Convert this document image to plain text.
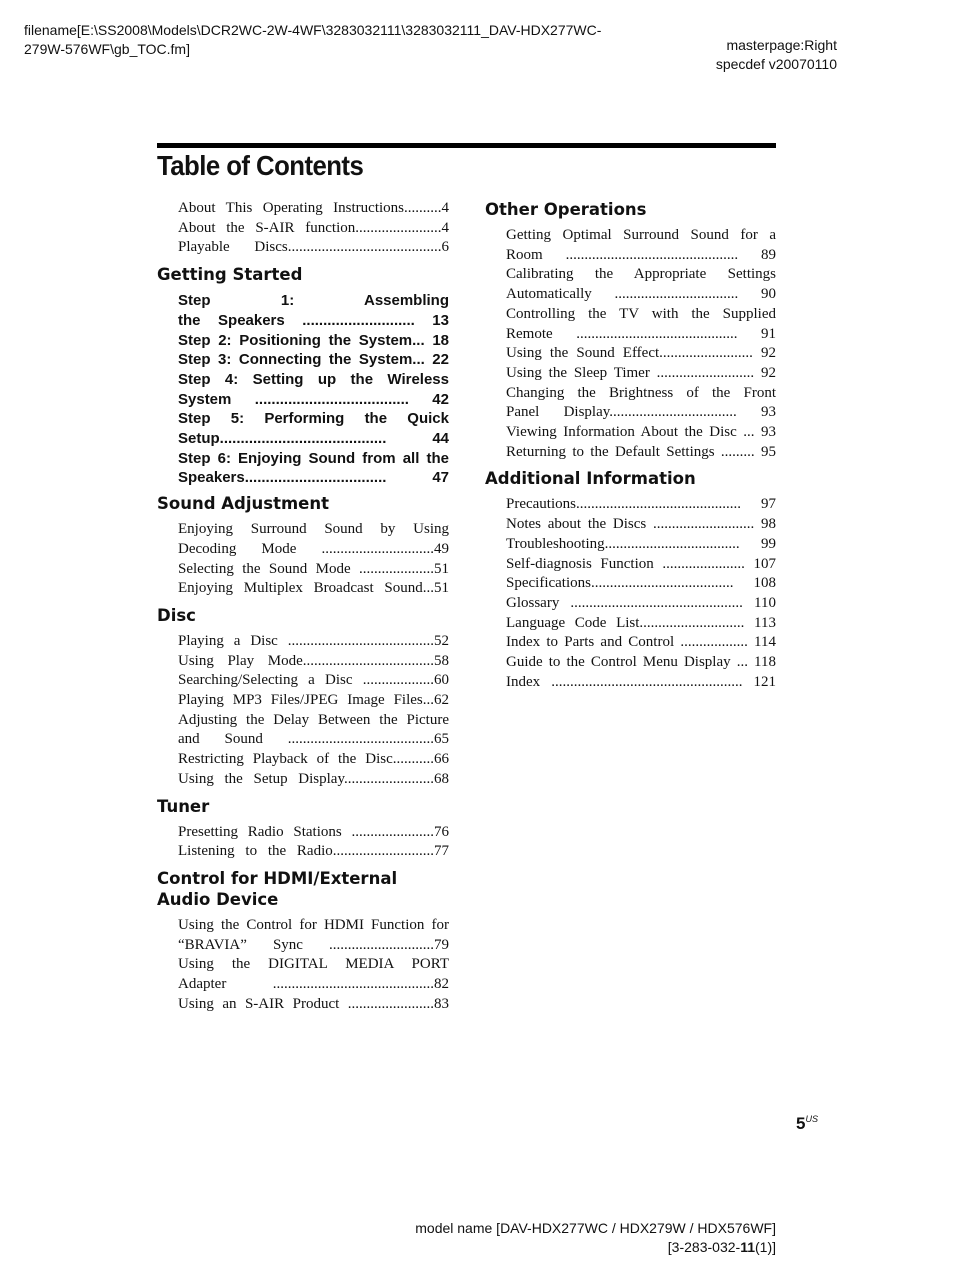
filename[E:\SS2008\Models\DCR2WC-2W-4WF\3283032111\3283032111_DAV-HDX277WC-
279W-576WF\gb_TOC.fm]	masterpage:Right
specdef v20070110
Table of Contents
About This Operating Instructions..........4
About the S-AIR function.......................4
Playable Discs.........................................6
Getting Started
Step 1: Assembling
the Speakers ........................... 13
Step 2: Positioning the System... 18
Step 3: Connecting the System... 22
Step 4: Setting up the Wireless
System ..................................... 42
Step 5: Performing the Quick
Setup........................................ 44
Step 6: Enjoying Sound from all the
Speakers.................................. 47
Sound Adjustment
Enjoying Surround Sound by Using
Decoding Mode ..............................49
Selecting the Sound Mode ....................51
Enjoying Multiplex Broadcast Sound...51
Disc
Playing a Disc .......................................52
Using Play Mode...................................58
Searching/Selecting a Disc ...................60
Playing MP3 Files/JPEG Image Files...62
Adjusting the Delay Between the Picture
and Sound .......................................65
Restricting Playback of the Disc...........66
Using the Setup Display........................68
Tuner
Presetting Radio Stations ......................76
Listening to the Radio...........................77
Control for HDMI/External
Audio Device
Using the Control for HDMI Function for
“BRAVIA” Sync ............................79
Using the DIGITAL MEDIA PORT
Adapter ...........................................82
Using an S-AIR Product .......................83
Other Operations
Getting Optimal Surround Sound for a
Room .............................................. 89
Calibrating the Appropriate Settings
Automatically ................................. 90
Controlling the TV with the Supplied
Remote ........................................... 91
Using the Sound Effect......................... 92
Using the Sleep Timer .......................... 92
Changing the Brightness of the Front
Panel Display.................................. 93
Viewing Information About the Disc ... 93
Returning to the Default Settings ......... 95
Additional Information
Precautions............................................ 97
Notes about the Discs ........................... 98
Troubleshooting.................................... 99
Self-diagnosis Function ...................... 107
Specifications...................................... 108
Glossary .............................................. 110
Language Code List............................ 113
Index to Parts and Control .................. 114
Guide to the Control Menu Display ... 118
Index ................................................... 121
$5^{US}$
model name [DAV-HDX277WC / HDX279W / HDX576WF]
[3-283-032-11(1)]
